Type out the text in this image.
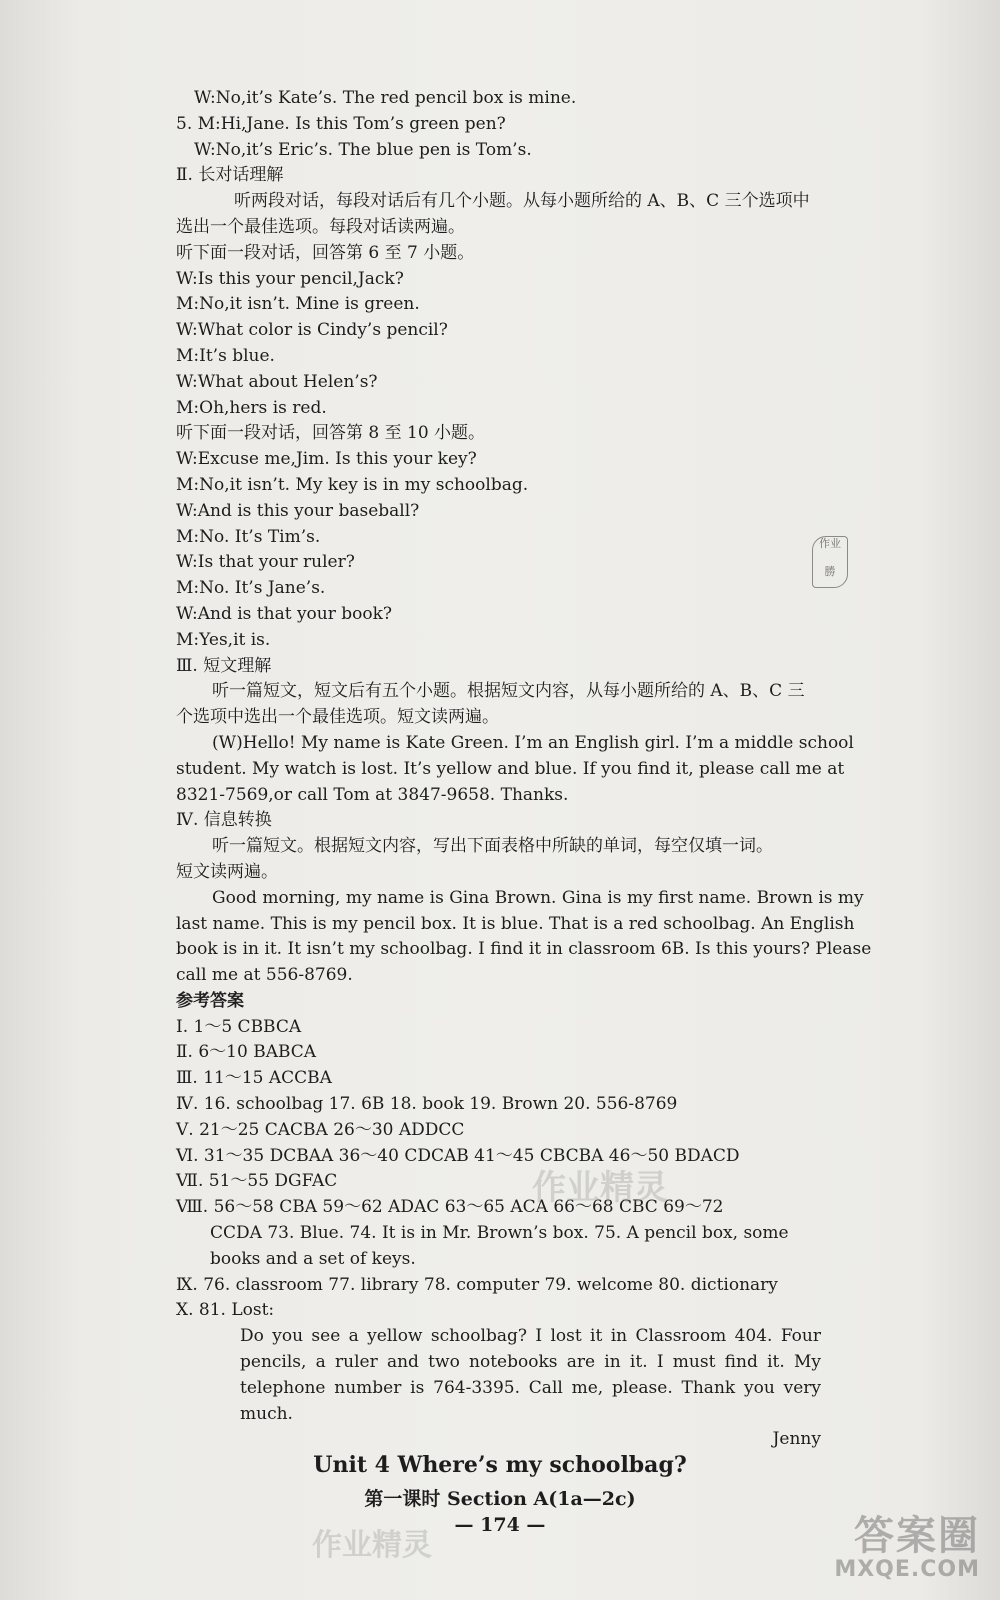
W:No,it’s Kate’s. The red pencil box is mine.
5. M:Hi,Jane. Is this Tom’s green pen?
W:No,it’s Eric’s. The blue pen is Tom’s.
Ⅱ. 长对话理解
听两段对话，每段对话后有几个小题。从每小题所给的 A、B、C 三个选项中
选出一个最佳选项。每段对话读两遍。
听下面一段对话，回答第 6 至 7 小题。
W:Is this your pencil,Jack?
M:No,it isn’t. Mine is green.
W:What color is Cindy’s pencil?
M:It’s blue.
W:What about Helen’s?
M:Oh,hers is red.
听下面一段对话，回答第 8 至 10 小题。
W:Excuse me,Jim. Is this your key?
M:No,it isn’t. My key is in my schoolbag.
W:And is this your baseball?
M:No. It’s Tim’s.
W:Is that your ruler?
M:No. It’s Jane’s.
W:And is that your book?
M:Yes,it is.
Ⅲ. 短文理解
听一篇短文，短文后有五个小题。根据短文内容，从每小题所给的 A、B、C 三
个选项中选出一个最佳选项。短文读两遍。
(W)Hello! My name is Kate Green. I’m an English girl. I’m a middle school
student. My watch is lost. It’s yellow and blue. If you find it, please call me at
8321-7569,or call Tom at 3847-9658. Thanks.
Ⅳ. 信息转换
听一篇短文。根据短文内容，写出下面表格中所缺的单词，每空仅填一词。
短文读两遍。
Good morning, my name is Gina Brown. Gina is my first name. Brown is my
last name. This is my pencil box. It is blue. That is a red schoolbag. An English
book is in it. It isn’t my schoolbag. I find it in classroom 6B. Is this yours? Please
call me at 556-8769.
参考答案
Ⅰ. 1～5 CBBCA
Ⅱ. 6～10 BABCA
Ⅲ. 11～15 ACCBA
Ⅳ. 16. schoolbag 17. 6B 18. book 19. Brown 20. 556-8769
Ⅴ. 21～25 CACBA 26～30 ADDCC
Ⅵ. 31～35 DCBAA 36～40 CDCAB 41～45 CBCBA 46～50 BDACD
Ⅶ. 51～55 DGFAC
Ⅷ. 56～58 CBA 59～62 ADAC 63～65 ACA 66～68 CBC 69～72
CCDA 73. Blue. 74. It is in Mr. Brown’s box. 75. A pencil box, some
books and a set of keys.
Ⅸ. 76. classroom 77. library 78. computer 79. welcome 80. dictionary
Ⅹ. 81. Lost:
Do you see a yellow schoolbag? I lost it in Classroom 404. Four pencils, a ruler and two notebooks are in it. I must find it. My telephone number is 764-3395. Call me, please. Thank you very much.
Jenny
作业
勝
Unit 4 Where’s my schoolbag?
第一课时 Section A(1a—2c)
— 174 —
作业精灵
作业精灵	答案圈
MXQE.COM
